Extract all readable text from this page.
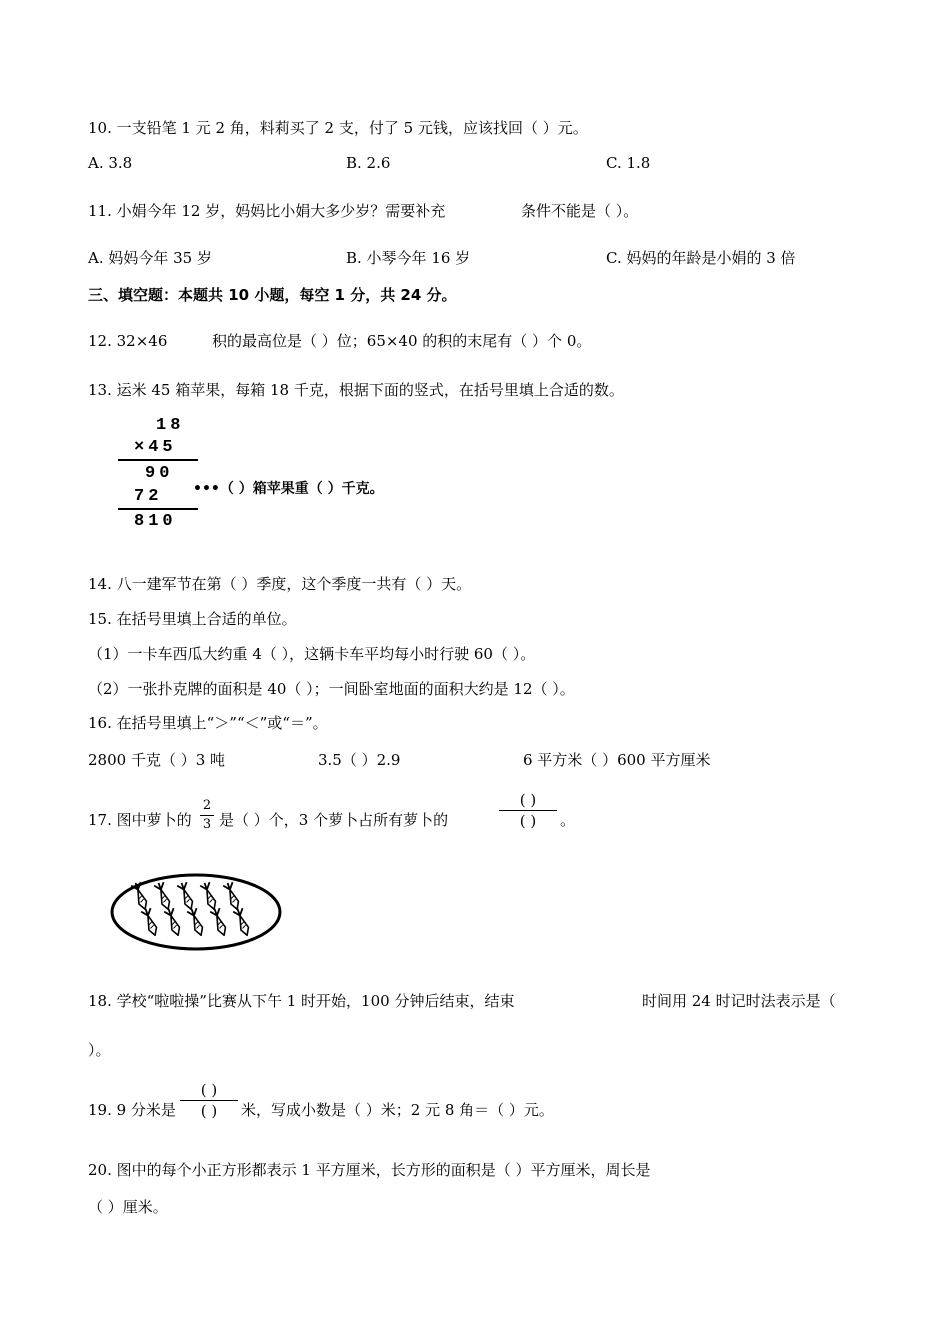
10. 一支铅笔 1 元 2 角，料莉买了 2 支，付了 5 元钱，应该找回（ ）元。
A. 3.8	B. 2.6	C. 1.8
11. 小娟今年 12 岁，妈妈比小娟大多少岁？需要补充	条件不能是（ ）。
A. 妈妈今年 35 岁	B. 小琴今年 16 岁	C. 妈妈的年龄是小娟的 3 倍
三、填空题：本题共 10 小题，每空 1 分，共 24 分。
12. 32×46	积的最高位是（ ）位；65×40 的积的末尾有（ ）个 0。
13. 运米 45 箱苹果，每箱 18 千克，根据下面的竖式，在括号里填上合适的数。
18
×45
90
72
810
•••（ ）箱苹果重（ ）千克。
14. 八一建军节在第（ ）季度，这个季度一共有（ ）天。
15. 在括号里填上合适的单位。
（1）一卡车西瓜大约重 4（ ），这辆卡车平均每小时行驶 60（ ）。
（2）一张扑克牌的面积是 40（ ）；一间卧室地面的面积大约是 12（ ）。
16. 在括号里填上“＞”“＜”或“＝”。
2800 千克（ ）3 吨	3.5（ ）2.9	6 平方米（ ）600 平方厘米
17. 图中萝卜的
2
3 是（ ）个，3 个萝卜占所有萝卜的
( )
( )	。
18. 学校“啦啦操”比赛从下午 1 时开始，100 分钟后结束，结束	时间用 24 时记时法表示是（
）。
19. 9 分米是
( )
( )	米，写成小数是（ ）米；2 元 8 角＝（ ）元。
20. 图中的每个小正方形都表示 1 平方厘米，长方形的面积是（ ）平方厘米，周长是
（ ）厘米。
